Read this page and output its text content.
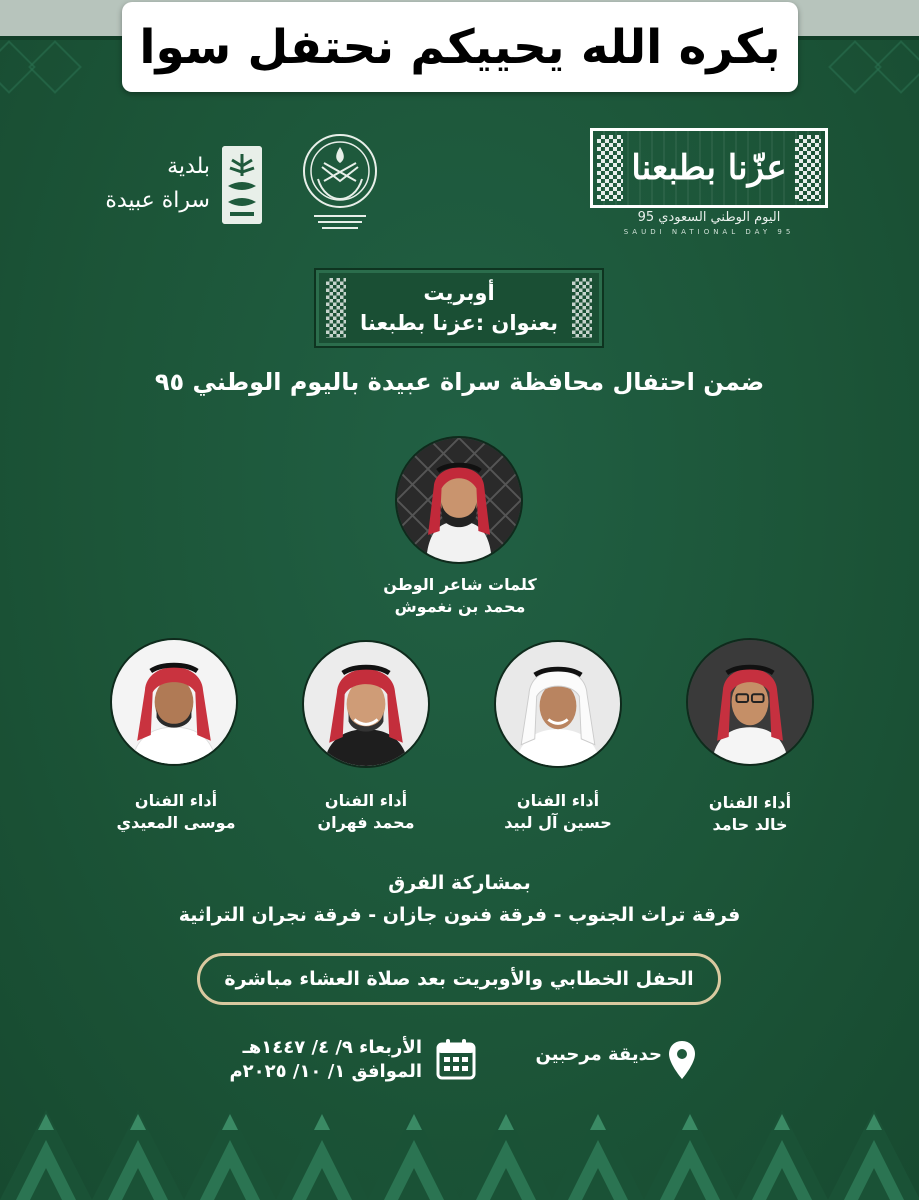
بكره الله يحييكم نحتفل سوا
عزّنا بطبعنا
اليوم الوطني السعودي 95
SAUDI NATIONAL DAY 95
بلدية
سراة عبيدة
أوبريت
بعنوان :عزنا بطبعنا
ضمن احتفال محافظة سراة عبيدة باليوم الوطني ٩٥
كلمات شاعر الوطن
محمد بن نغموش
أداء الفنان
خالد حامد
أداء الفنان
حسين آل لبيد
أداء الفنان
محمد فهران
أداء الفنان
موسى المعيدي
بمشاركة الفرق
فرقة تراث الجنوب - فرقة فنون جازان - فرقة نجران التراثية
الحفل الخطابي والأوبريت بعد صلاة العشاء مباشرة
الأربعاء ٩/ ٤/ ١٤٤٧هـ
الموافق ١/ ١٠/ ٢٠٢٥م
حديقة مرحبين
